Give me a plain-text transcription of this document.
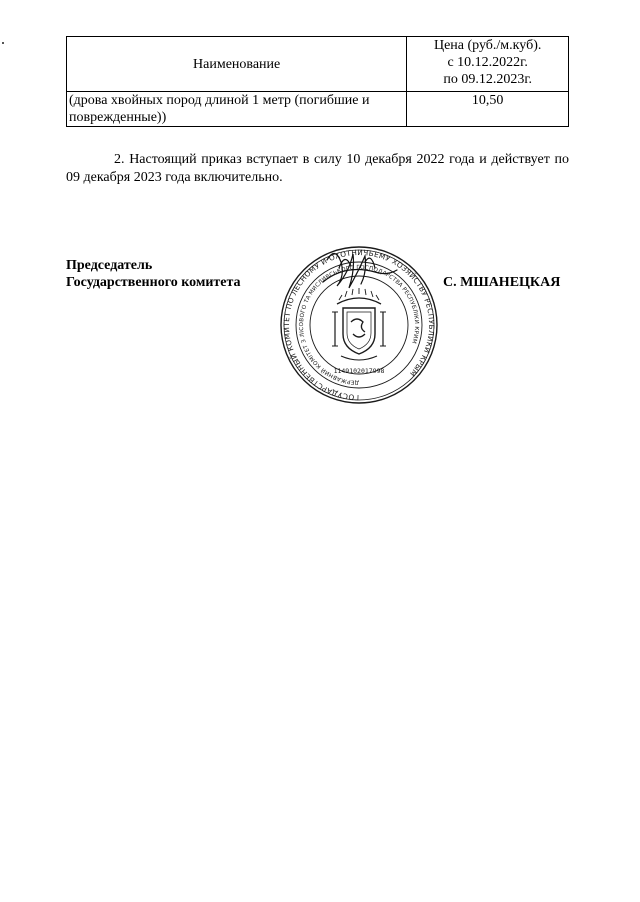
Наименование	Цена (руб./м.куб).
с 10.12.2022г.
по 09.12.2023г.

(дрова хвойных пород длиной 1 метр (погибшие и
поврежденные))	10,50

2. Настоящий приказ вступает в силу 10 декабря 2022 года и действует по 09 декабря 2023 года включительно.

Председатель
Государственного комитета
ГОСУДАРСТВЕННЫЙ КОМИТЕТ ПО ЛЕСНОМУ И ОХОТНИЧЬЕМУ ХОЗЯЙСТВУ РЕСПУБЛИКИ КРЫМ
ДЕРЖАВНИЙ КОМІТЕТ З ЛІСОВОГО ТА МИСЛИВСЬКОГО ГОСПОДАРСТВА РЕСПУБЛІКИ КРИМ
1149102017998
С. МШАНЕЦКАЯ
